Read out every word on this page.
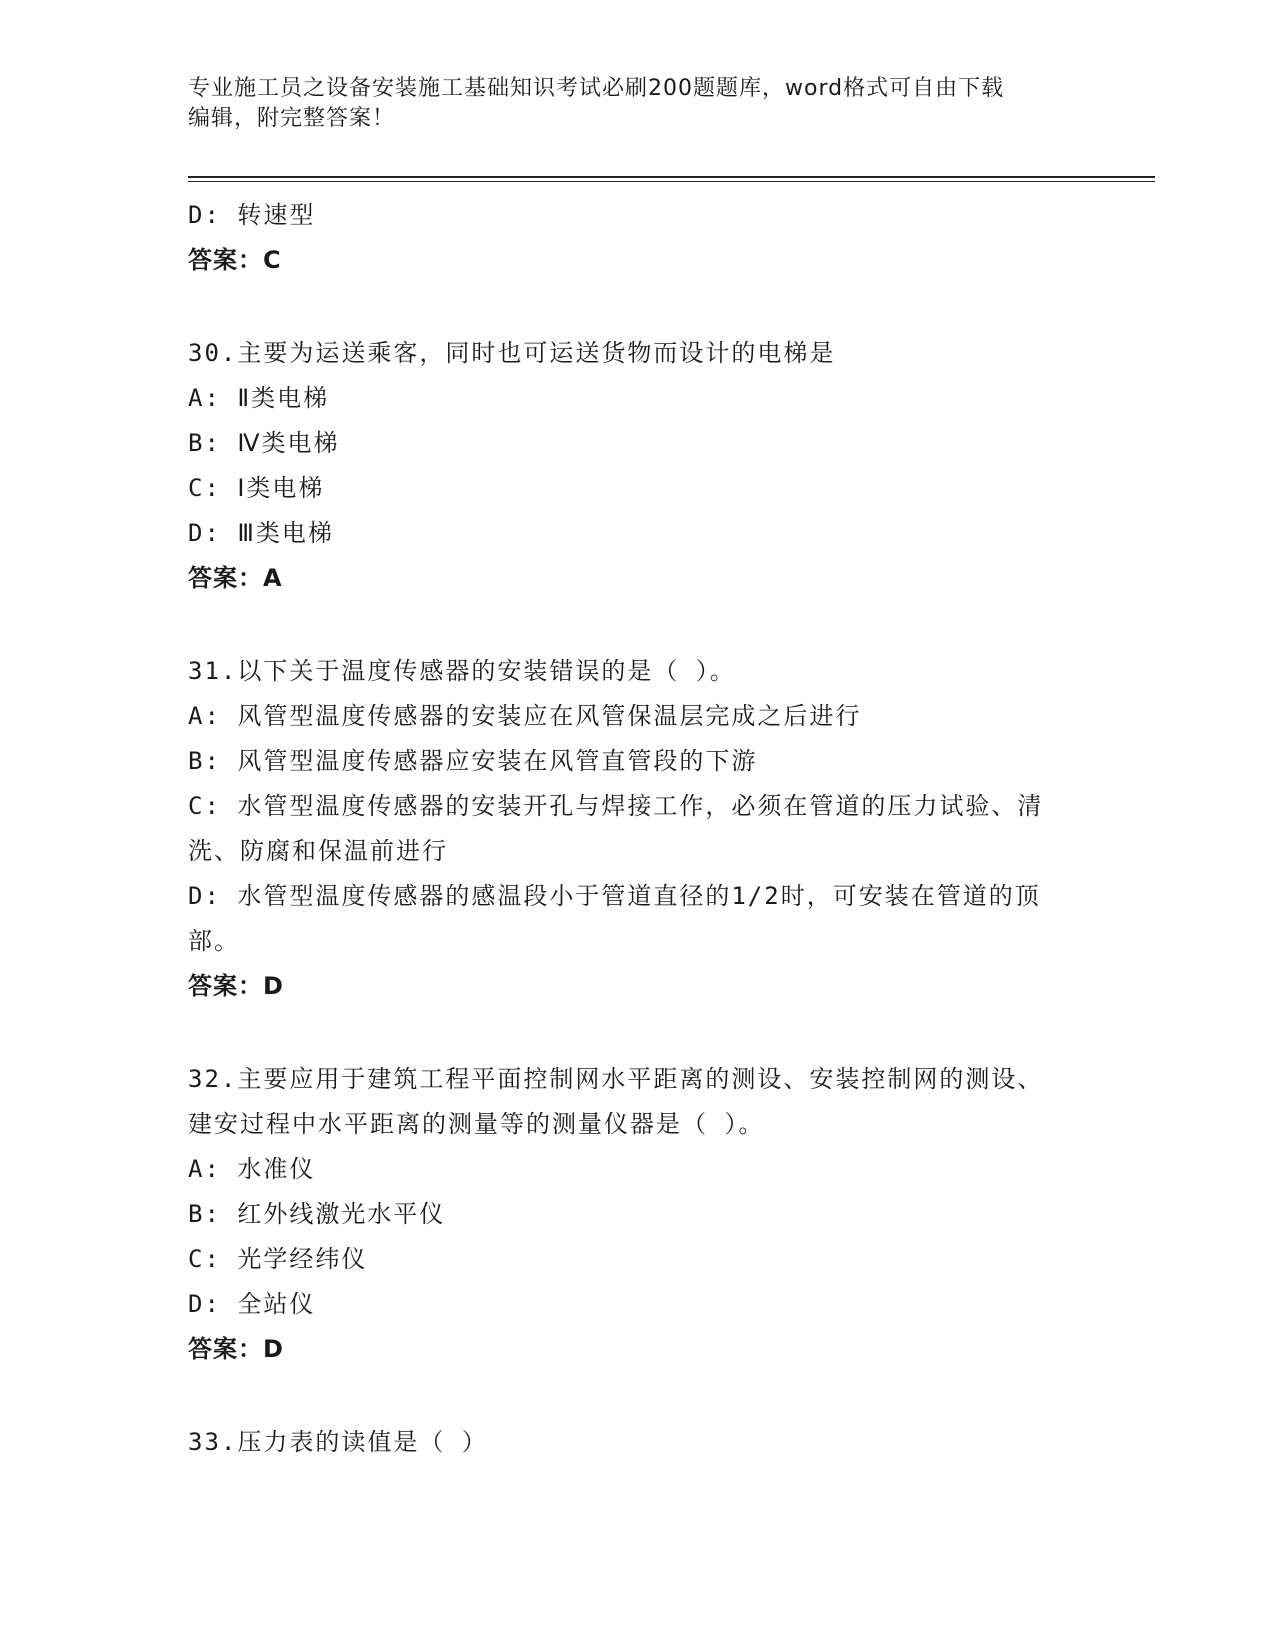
专业施工员之设备安装施工基础知识考试必刷200题题库，word格式可自由下载
编辑，附完整答案！
D: 转速型
答案：C
30.主要为运送乘客，同时也可运送货物而设计的电梯是
A: Ⅱ类电梯
B: Ⅳ类电梯
C: Ⅰ类电梯
D: Ⅲ类电梯
答案：A
31.以下关于温度传感器的安装错误的是（ ）。
A: 风管型温度传感器的安装应在风管保温层完成之后进行
B: 风管型温度传感器应安装在风管直管段的下游
C: 水管型温度传感器的安装开孔与焊接工作，必须在管道的压力试验、清洗、防腐和保温前进行
D: 水管型温度传感器的感温段小于管道直径的1/2时，可安装在管道的顶部。
答案：D
32.主要应用于建筑工程平面控制网水平距离的测设、安装控制网的测设、建安过程中水平距离的测量等的测量仪器是（ ）。
A: 水准仪
B: 红外线激光水平仪
C: 光学经纬仪
D: 全站仪
答案：D
33.压力表的读值是（ ）
